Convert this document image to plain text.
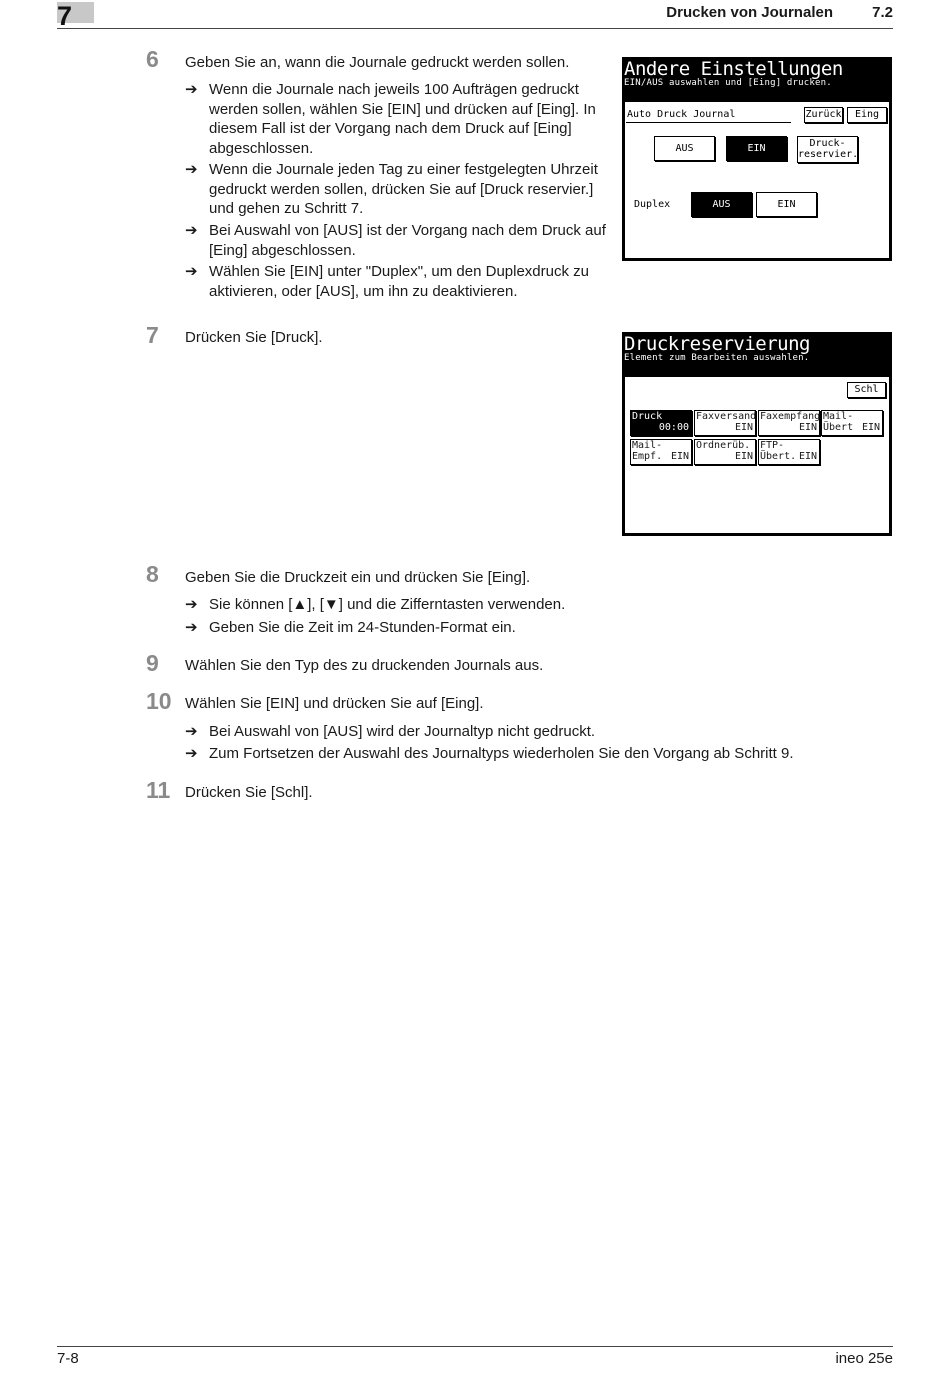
7	Drucken von Journalen	7.2
6 Geben Sie an, wann die Journale gedruckt werden sollen.
➔ Wenn die Journale nach jeweils 100 Aufträgen gedruckt werden sollen, wählen Sie [EIN] und drücken auf [Eing]. In diesem Fall ist der Vorgang nach dem Druck auf [Eing] abgeschlossen.
➔ Wenn die Journale jeden Tag zu einer festgelegten Uhrzeit gedruckt werden sollen, drücken Sie auf [Druck reservier.] und gehen zu Schritt 7.
➔ Bei Auswahl von [AUS] ist der Vorgang nach dem Druck auf [Eing] abgeschlossen.
➔ Wählen Sie [EIN] unter "Duplex", um den Duplexdruck zu aktivieren, oder [AUS], um ihn zu deaktivieren.
Andere Einstellungen
EIN/AUS auswahlen und [Eing] drucken.
Auto Druck Journal	Zurück	Eing
AUS	EIN	Druck-
reservier.
Duplex	AUS	EIN
7 Drücken Sie [Druck].	Druckreservierung
Element zum Bearbeiten auswahlen.
Schl
Druck
00:00
Faxversand
EIN
Faxempfang
EIN
Mail-Übert EIN
Mail-Empf. EIN
Ordnerüb.
EIN
FTP-Übert. EIN
8 Geben Sie die Druckzeit ein und drücken Sie [Eing].
➔ Sie können [▲], [▼] und die Zifferntasten verwenden.
➔ Geben Sie die Zeit im 24-Stunden-Format ein.
9 Wählen Sie den Typ des zu druckenden Journals aus.
10 Wählen Sie [EIN] und drücken Sie auf [Eing].
➔ Bei Auswahl von [AUS] wird der Journaltyp nicht gedruckt.
➔ Zum Fortsetzen der Auswahl des Journaltyps wiederholen Sie den Vorgang ab Schritt 9.
11 Drücken Sie [Schl].
7-8	ineo 25e
